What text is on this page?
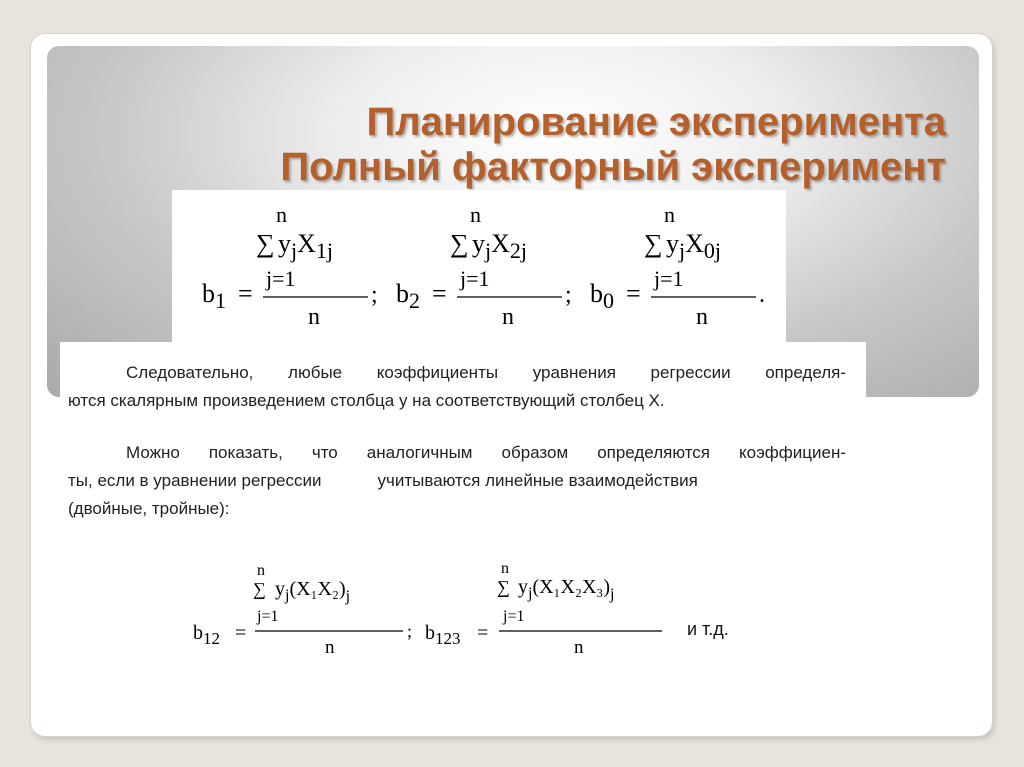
Планирование эксперимента
Полный факторный эксперимент
$b_1$ =
n
∑ $y_jX_{1j}$
j=1
n
; $b_2$ =
n
∑ $y_jX_{2j}$
j=1
n
; $b_0$ =
n
∑ $y_jX_{0j}$
j=1
n
.
Следовательно, любые коэффициенты уравнения регрессии определя-
ются скалярным произведением столбца y на соответствующий столбец X.
Можно показать, что аналогичным образом определяются коэффициен-
ты, если в уравнении регрессии	учитываются линейные взаимодействия
(двойные, тройные):
$b_{12}$ =
n
∑ $y_j(X_1X_2)_j$
j=1
n
; $b_{123}$ =
n
∑ $y_j(X_1X_2X_3)_j$
j=1
n
и т.д.
